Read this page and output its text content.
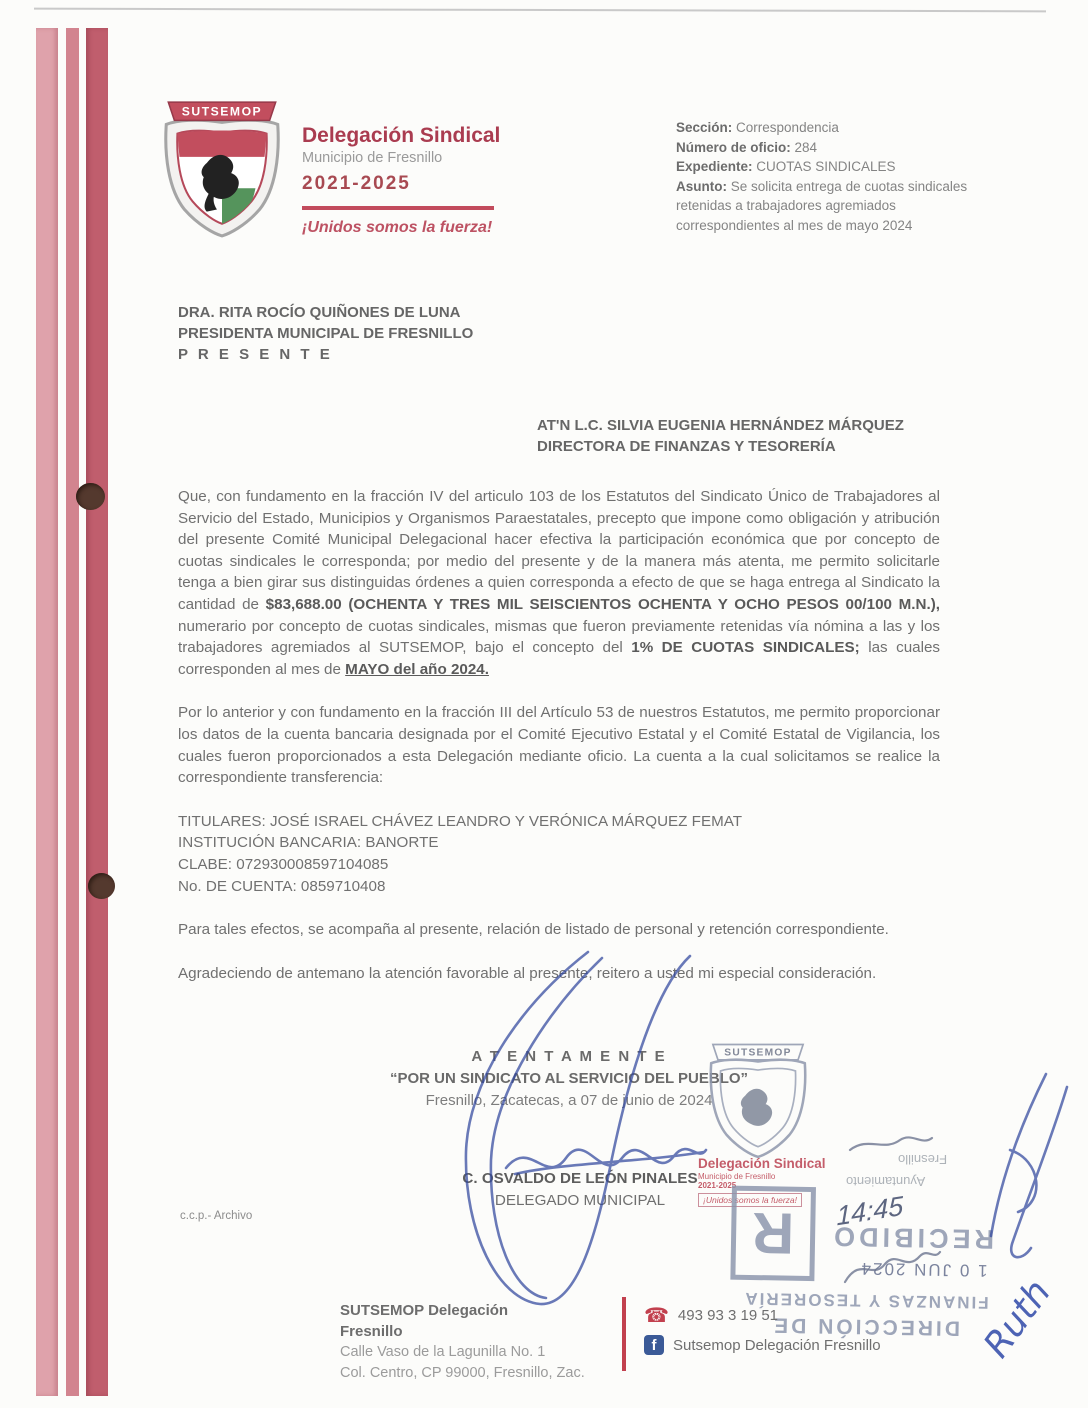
SUTSEMOP
Delegación Sindical
Municipio de Fresnillo
2021-2025
¡Unidos somos la fuerza!
Sección: Correspondencia
Número de oficio: 284
Expediente: CUOTAS SINDICALES
Asunto: Se solicita entrega de cuotas sindicales retenidas a trabajadores agremiados correspondientes al mes de mayo 2024
DRA. RITA ROCÍO QUIÑONES DE LUNA
PRESIDENTA MUNICIPAL DE FRESNILLO
P R E S E N T E
AT'N L.C. SILVIA EUGENIA HERNÁNDEZ MÁRQUEZ
DIRECTORA DE FINANZAS Y TESORERÍA

Que, con fundamento en la fracción IV del articulo 103 de los Estatutos del Sindicato Único de Trabajadores al Servicio del Estado, Municipios y Organismos Paraestatales, precepto que impone como obligación y atribución del presente Comité Municipal Delegacional hacer efectiva la participación económica que por concepto de cuotas sindicales le corresponda; por medio del presente y de la manera más atenta, me permito solicitarle tenga a bien girar sus distinguidas órdenes a quien corresponda a efecto de que se haga entrega al Sindicato la cantidad de $83,688.00 (OCHENTA Y TRES MIL SEISCIENTOS OCHENTA Y OCHO PESOS 00/100 M.N.), numerario por concepto de cuotas sindicales, mismas que fueron previamente retenidas vía nómina a las y los trabajadores agremiados al SUTSEMOP, bajo el concepto del 1% DE CUOTAS SINDICALES; las cuales corresponden al mes de MAYO del año 2024.

Por lo anterior y con fundamento en la fracción III del Artículo 53 de nuestros Estatutos, me permito proporcionar los datos de la cuenta bancaria designada por el Comité Ejecutivo Estatal y el Comité Estatal de Vigilancia, los cuales fueron proporcionados a esta Delegación mediante oficio. La cuenta a la cual solicitamos se realice la correspondiente transferencia:

TITULARES: JOSÉ ISRAEL CHÁVEZ LEANDRO Y VERÓNICA MÁRQUEZ FEMAT
INSTITUCIÓN BANCARIA: BANORTE
CLABE: 072930008597104085
No. DE CUENTA: 0859710408

Para tales efectos, se acompaña al presente, relación de listado de personal y retención correspondiente.

Agradeciendo de antemano la atención favorable al presente, reitero a usted mi especial consideración.

A T E N T A M E N T E
“POR UN SINDICATO AL SERVICIO DEL PUEBLO”
Fresnillo, Zacatecas, a 07 de junio de 2024
C. OSVALDO DE LEÓN PINALES
DELEGADO MUNICIPAL
c.c.p.- Archivo
SUTSEMOP
Delegación Sindical
Municipio de Fresnillo
2021-2025
¡Unidos somos la fuerza!
DIRECCIÓN DE
FINANZAS Y TESORERÍA
1 0 JUN 2024
RECIBIDO
R	14:45
Ayuntamiento
Fresnillo
SUTSEMOP Delegación Fresnillo
Calle Vaso de la Lagunilla No. 1
Col. Centro, CP 99000, Fresnillo, Zac.
☎ 493 93 3 19 51
f	Sutsemop Delegación Fresnillo	Ruth
